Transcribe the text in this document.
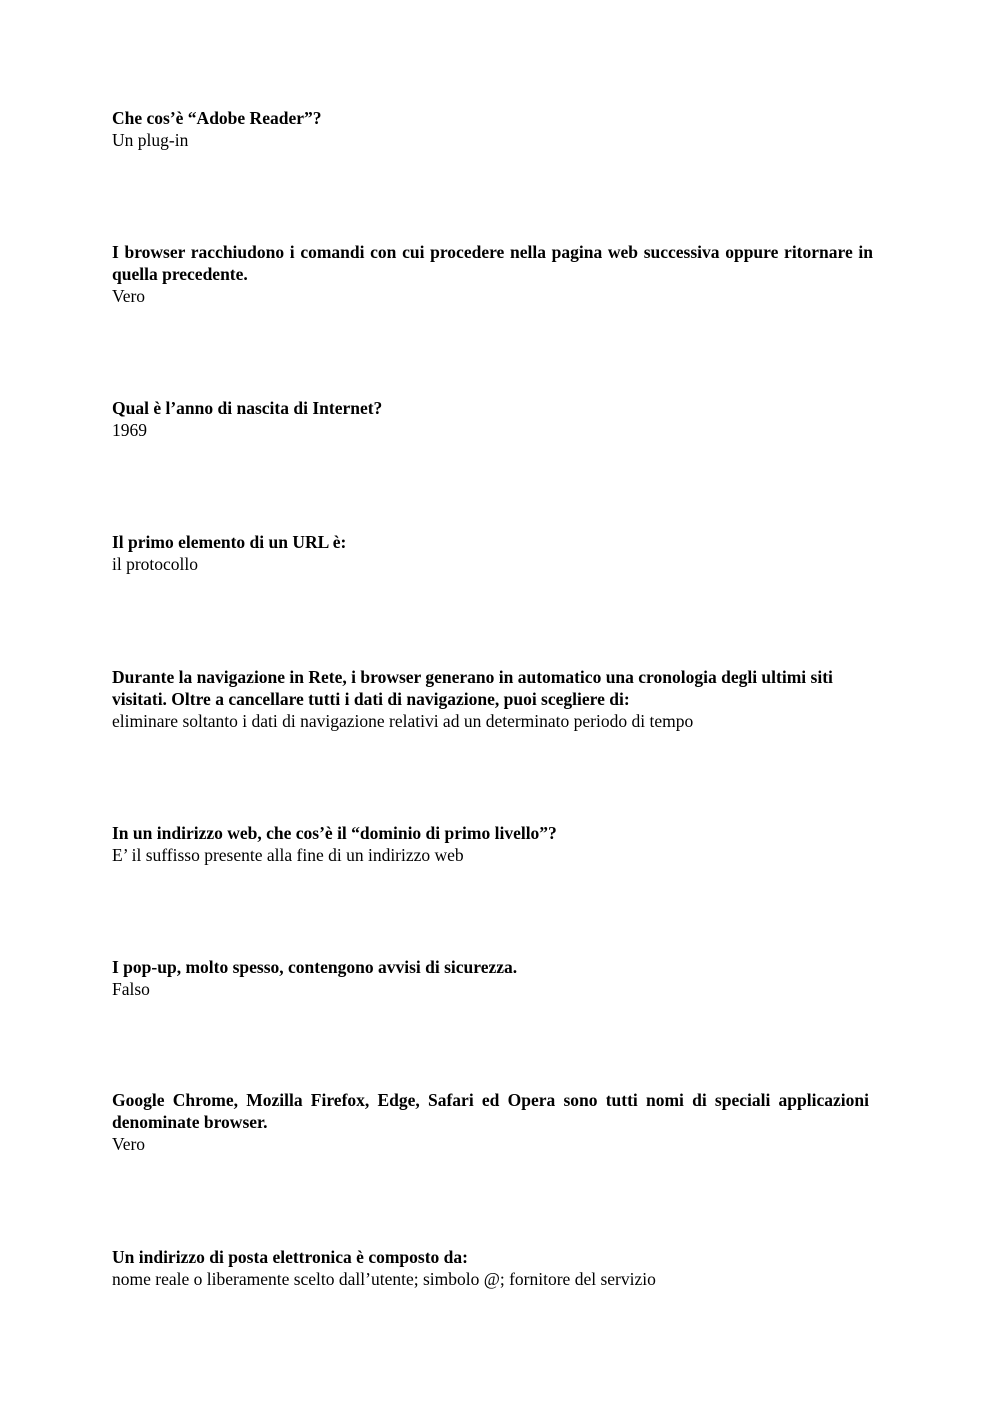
Che cos’è “Adobe Reader”?

Un plug-in

I browser racchiudono i comandi con cui procedere nella pagina web successiva oppure ritornare in quella precedente.

Vero

Qual è l’anno di nascita di Internet?

1969

Il primo elemento di un URL è:

il protocollo

Durante la navigazione in Rete, i browser generano in automatico una cronologia degli ultimi siti visitati. Oltre a cancellare tutti i dati di navigazione, puoi scegliere di:

eliminare soltanto i dati di navigazione relativi ad un determinato periodo di tempo

In un indirizzo web, che cos’è il “dominio di primo livello”?

E’ il suffisso presente alla fine di un indirizzo web

I pop-up, molto spesso, contengono avvisi di sicurezza.

Falso

Google Chrome, Mozilla Firefox, Edge, Safari ed Opera sono tutti nomi di speciali applicazioni denominate browser.

Vero

Un indirizzo di posta elettronica è composto da:

nome reale o liberamente scelto dall’utente; simbolo @; fornitore del servizio
